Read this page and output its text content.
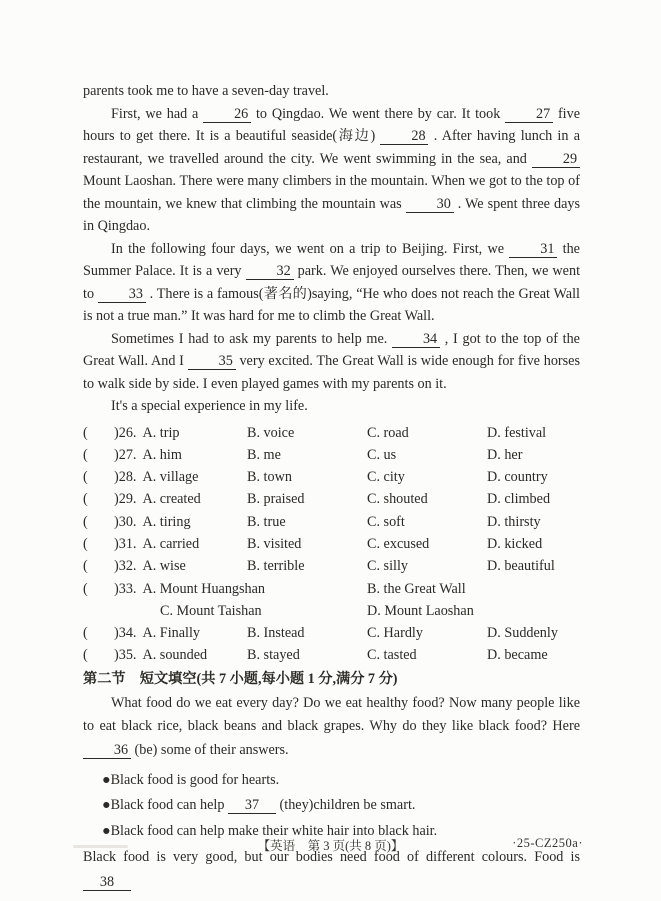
parents took me to have a seven-day travel.

First, we had a 26 to Qingdao. We went there by car. It took 27 five hours to get there. It is a beautiful seaside(海边) 28 . After having lunch in a restaurant, we travelled around the city. We went swimming in the sea, and 29 Mount Laoshan. There were many climbers in the mountain. When we got to the top of the mountain, we knew that climbing the mountain was 30 . We spent three days in Qingdao.

In the following four days, we went on a trip to Beijing. First, we 31 the Summer Palace. It is a very 32 park. We enjoyed ourselves there. Then, we went to 33 . There is a famous(著名的)saying, “He who does not reach the Great Wall is not a true man.” It was hard for me to climb the Great Wall.

Sometimes I had to ask my parents to help me. 34 , I got to the top of the Great Wall. And I 35 very excited. The Great Wall is wide enough for five horses to walk side by side. I even played games with my parents on it.

It's a special experience in my life.

( )26. A. trip	B. voice	C. road	D. festival
( )27. A. him	B. me	C. us	D. her
( )28. A. village	B. town	C. city	D. country
( )29. A. created	B. praised	C. shouted	D. climbed
( )30. A. tiring	B. true	C. soft	D. thirsty
( )31. A. carried	B. visited	C. excused	D. kicked
( )32. A. wise	B. terrible	C. silly	D. beautiful
( )33. A. Mount Huangshan	B. the Great Wall
C. Mount Taishan	D. Mount Laoshan
( )34. A. Finally	B. Instead	C. Hardly	D. Suddenly
( )35. A. sounded	B. stayed	C. tasted	D. became

第二节　短文填空(共 7 小题,每小题 1 分,满分 7 分)

What food do we eat every day? Do we eat healthy food? Now many people like to eat black rice, black beans and black grapes. Why do they like black food? Here 36 (be) some of their answers.

●Black food is good for hearts.

●Black food can help 37 (they)children be smart.

●Black food can help make their white hair into black hair.

Black food is very good, but our bodies need food of different colours. Food is 38

【英语　第 3 页(共 8 页)】	·25-CZ250a·
